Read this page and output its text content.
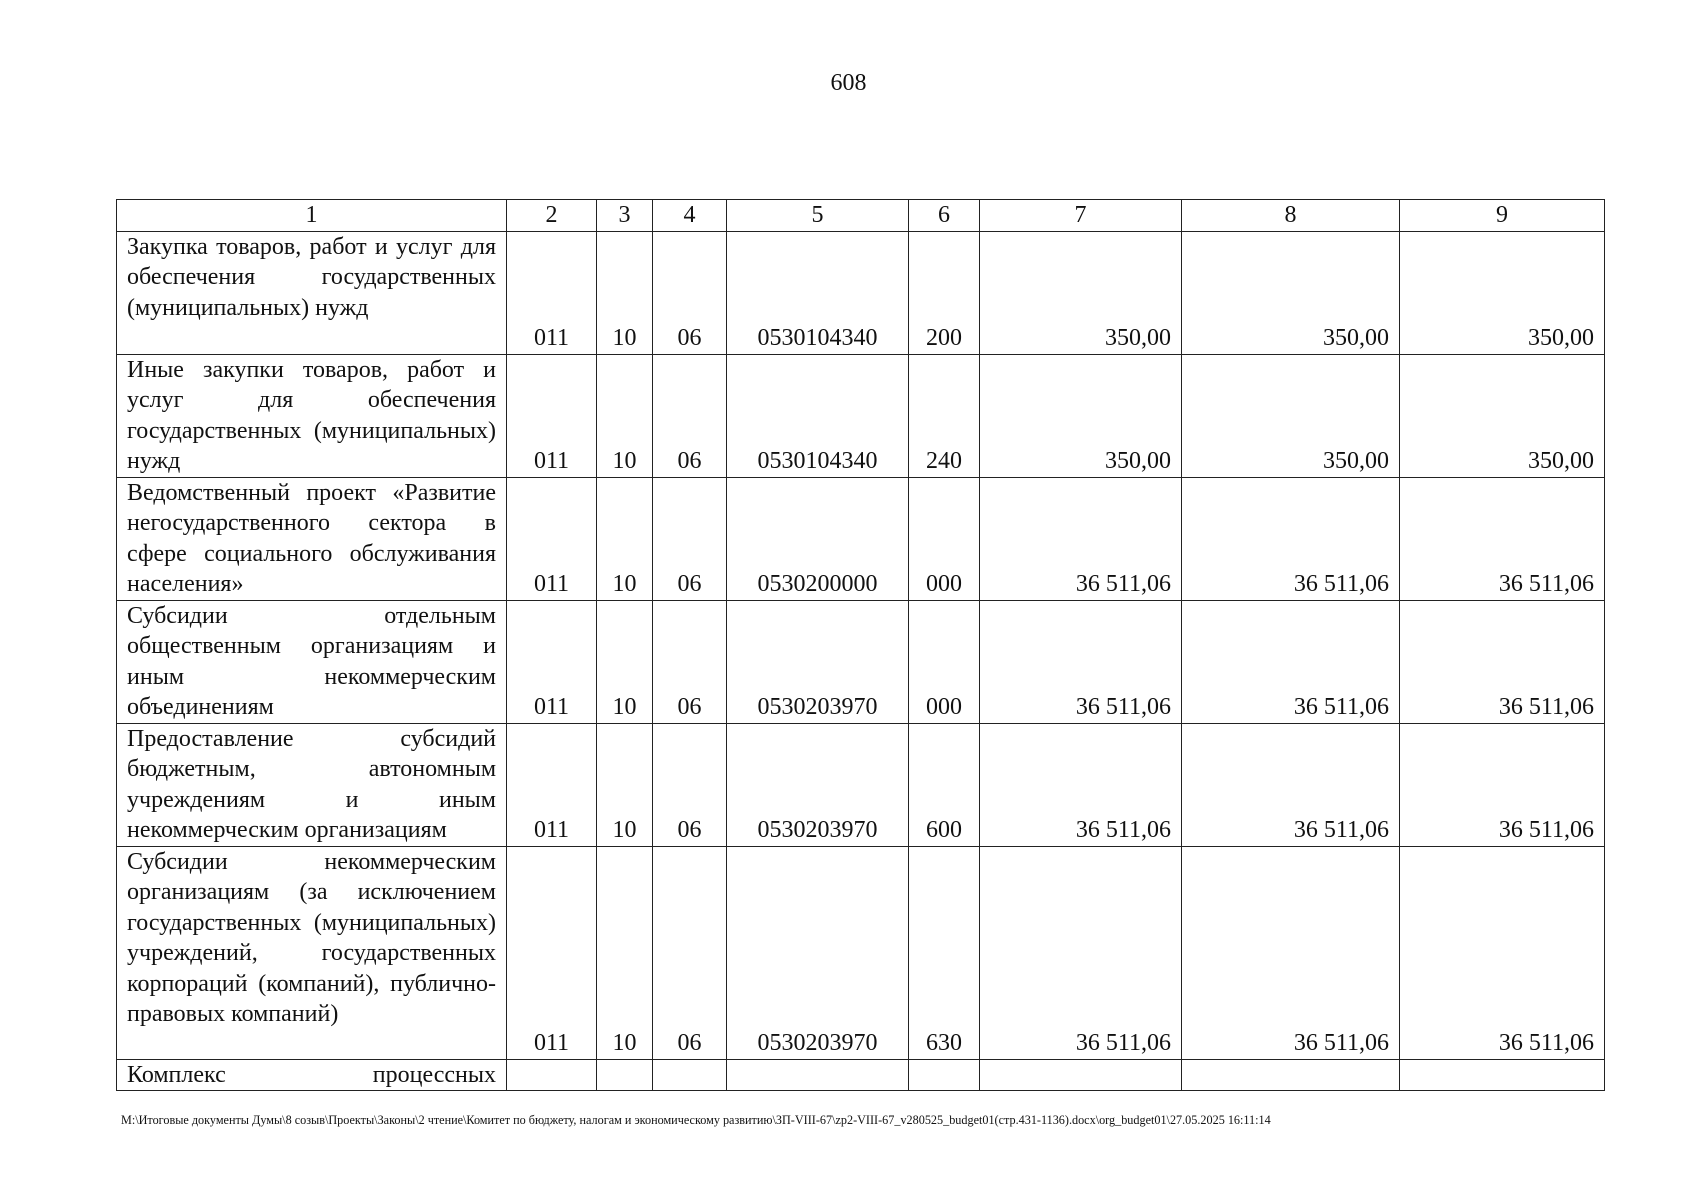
608
1	2	3	4	5	6	7	8	9
Закупка товаров, работ и услуг для обеспечения государственных (муниципальных) нужд	011	10	06	0530104340	200	350,00	350,00	350,00
Иные закупки товаров, работ и услуг для обеспечения государственных (муниципальных) нужд	011	10	06	0530104340	240	350,00	350,00	350,00
Ведомственный проект «Развитие негосударственного сектора в сфере социального обслуживания населения»	011	10	06	0530200000	000	36 511,06	36 511,06	36 511,06
Субсидии отдельным общественным организациям и иным некоммерческим объединениям	011	10	06	0530203970	000	36 511,06	36 511,06	36 511,06
Предоставление субсидий бюджетным, автономным учреждениям и иным некоммерческим организациям	011	10	06	0530203970	600	36 511,06	36 511,06	36 511,06
Субсидии некоммерческим организациям (за исключением государственных (муниципальных) учреждений, государственных корпораций (компаний), публично-правовых компаний)	011	10	06	0530203970	630	36 511,06	36 511,06	36 511,06
Комплекс процессных								
М:\Итоговые документы Думы\8 созыв\Проекты\Законы\2 чтение\Комитет по бюджету, налогам и экономическому развитию\ЗП-VIII-67\zp2-VIII-67_v280525_budget01(стр.431-1136).docx\org_budget01\27.05.2025 16:11:14
